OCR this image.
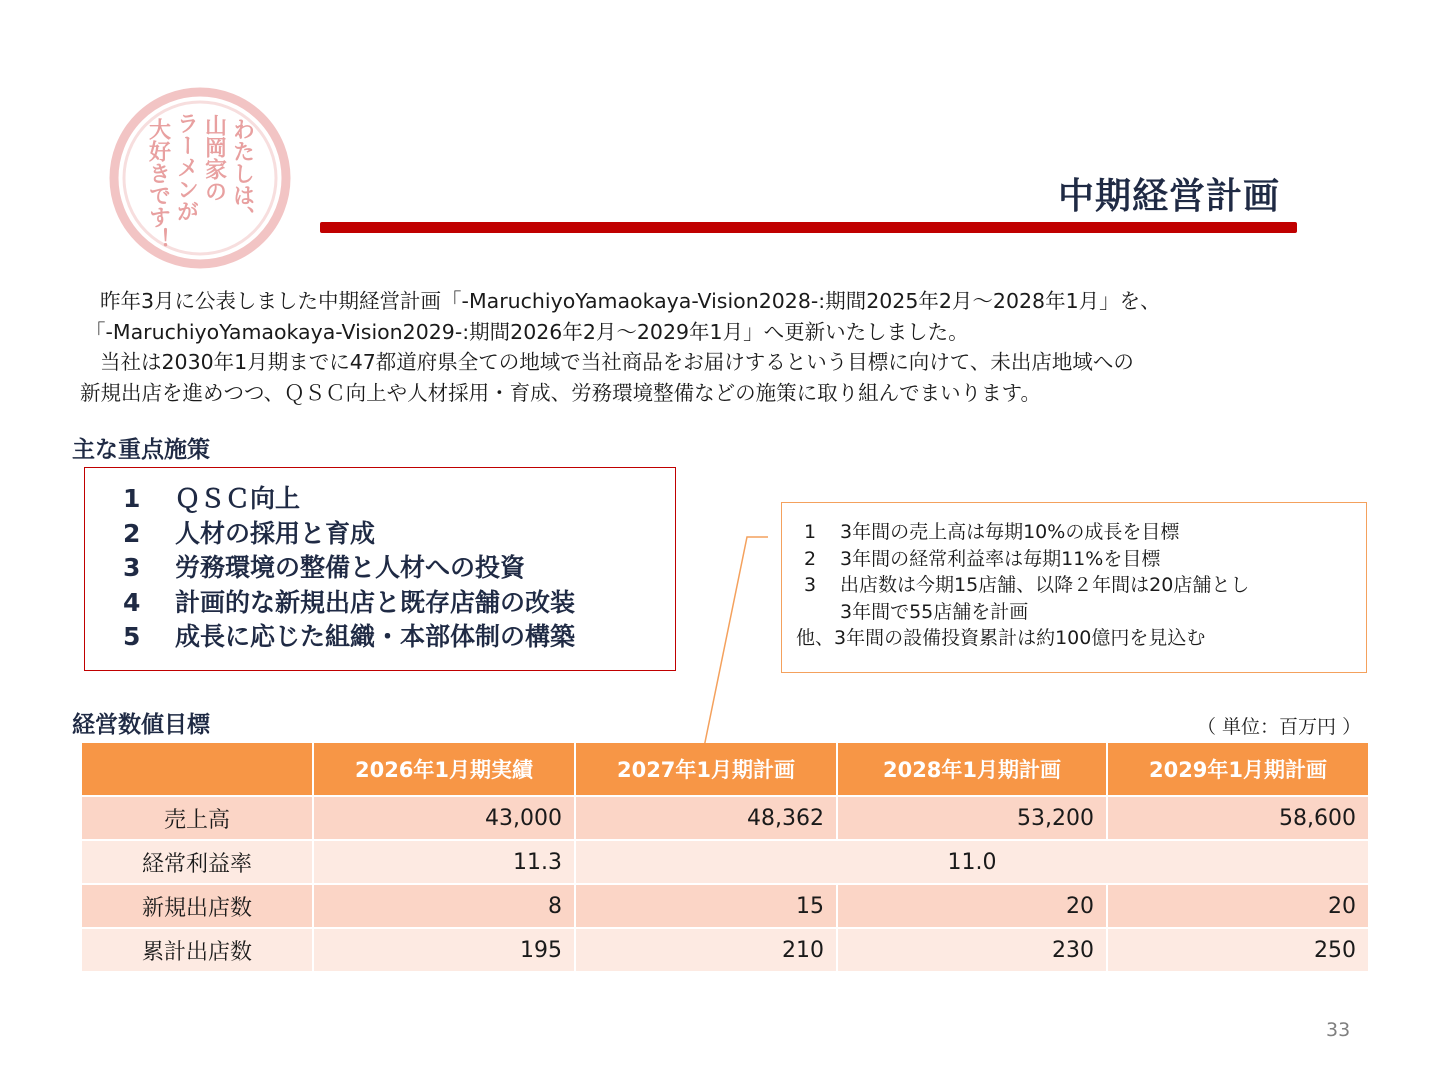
わたしは、
山岡家の
ラーメンが
大好きです！	中期経営計画

昨年3月に公表しました中期経営計画「-MaruchiyoYamaokaya-Vision2028-:期間2025年2月～2028年1月」を、

「-MaruchiyoYamaokaya-Vision2029-:期間2026年2月～2029年1月」へ更新いたしました。

当社は2030年1月期までに47都道府県全ての地域で当社商品をお届けするという目標に向けて、未出店地域への

新規出店を進めつつ、ＱＳＣ向上や人材採用・育成、労務環境整備などの施策に取り組んでまいります。

主な重点施策
1 ＱＳＣ向上
2 人材の採用と育成
3 労務環境の整備と人材への投資
4 計画的な新規出店と既存店舗の改装
5 成長に応じた組織・本部体制の構築
1 3年間の売上高は毎期10%の成長を目標
2 3年間の経常利益率は毎期11%を目標
3 出店数は今期15店舗、以降２年間は20店舗とし
3年間で55店舗を計画
他、3年間の設備投資累計は約100億円を見込む
経営数値目標	（ 単位：百万円 ）
	2026年1月期実績	2027年1月期計画	2028年1月期計画	2029年1月期計画
売上高	43,000	48,362	53,200	58,600
経常利益率	11.3	11.0		
新規出店数	8	15	20	20
累計出店数	195	210	230	250
33
